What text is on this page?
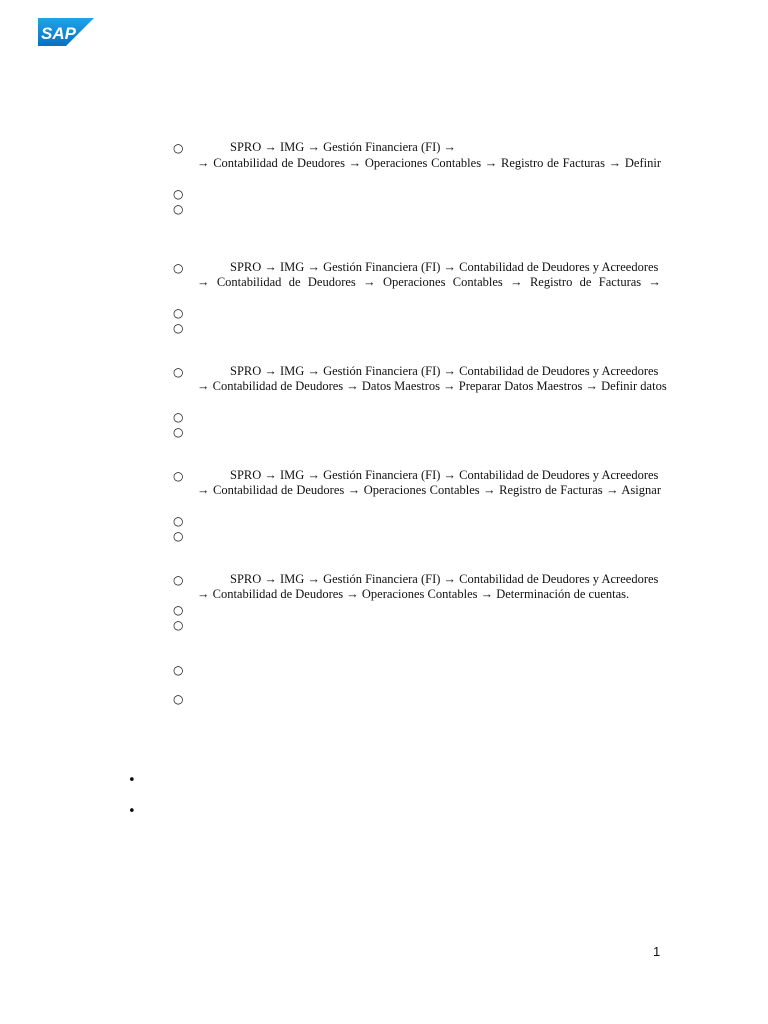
SAP
○	SPRO → IMG → Gestión Financiera (FI) →
→ Contabilidad de Deudores → Operaciones Contables → Registro de Facturas → Definir
○
○
○	SPRO → IMG → Gestión Financiera (FI) → Contabilidad de Deudores y Acreedores
→ Contabilidad de Deudores → Operaciones Contables → Registro de Facturas →
○
○
○	SPRO → IMG → Gestión Financiera (FI) → Contabilidad de Deudores y Acreedores
→ Contabilidad de Deudores → Datos Maestros → Preparar Datos Maestros → Definir datos
○
○
○	SPRO → IMG → Gestión Financiera (FI) → Contabilidad de Deudores y Acreedores
→ Contabilidad de Deudores → Operaciones Contables → Registro de Facturas → Asignar
○
○
○	SPRO → IMG → Gestión Financiera (FI) → Contabilidad de Deudores y Acreedores
→ Contabilidad de Deudores → Operaciones Contables → Determinación de cuentas.
○
○
○
○
•
•
1
